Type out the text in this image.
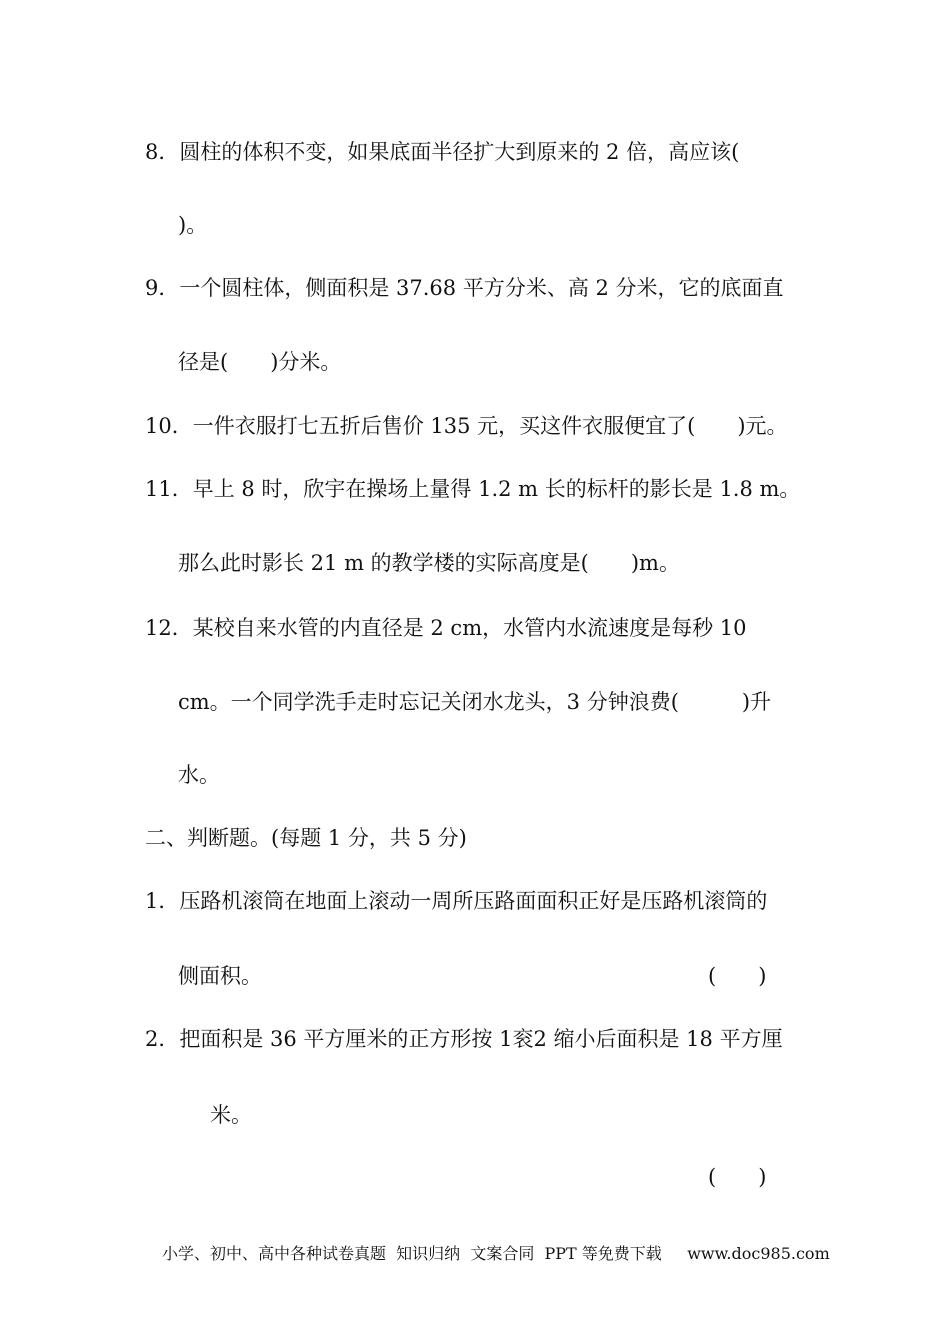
8．圆柱的体积不变，如果底面半径扩大到原来的 2 倍，高应该(
)。
9．一个圆柱体，侧面积是 37.68 平方分米、高 2 分米，它的底面直
径是(　　)分米。
10．一件衣服打七五折后售价 135 元，买这件衣服便宜了(　　)元。
11．早上 8 时，欣宇在操场上量得 1.2 m 长的标杆的影长是 1.8 m。
那么此时影长 21 m 的教学楼的实际高度是(　　)m。
12．某校自来水管的内直径是 2 cm，水管内水流速度是每秒 10
cm。一个同学洗手走时忘记关闭水龙头，3 分钟浪费(　　　)升
水。
二、判断题。(每题 1 分，共 5 分)
1．压路机滚筒在地面上滚动一周所压路面面积正好是压路机滚筒的
侧面积。	(　　)
2．把面积是 36 平方厘米的正方形按 1衮2 缩小后面积是 18 平方厘
米。
(　　)
小学、初中、高中各种试卷真题  知识归纳  文案合同  PPT 等免费下载     www.doc985.com
